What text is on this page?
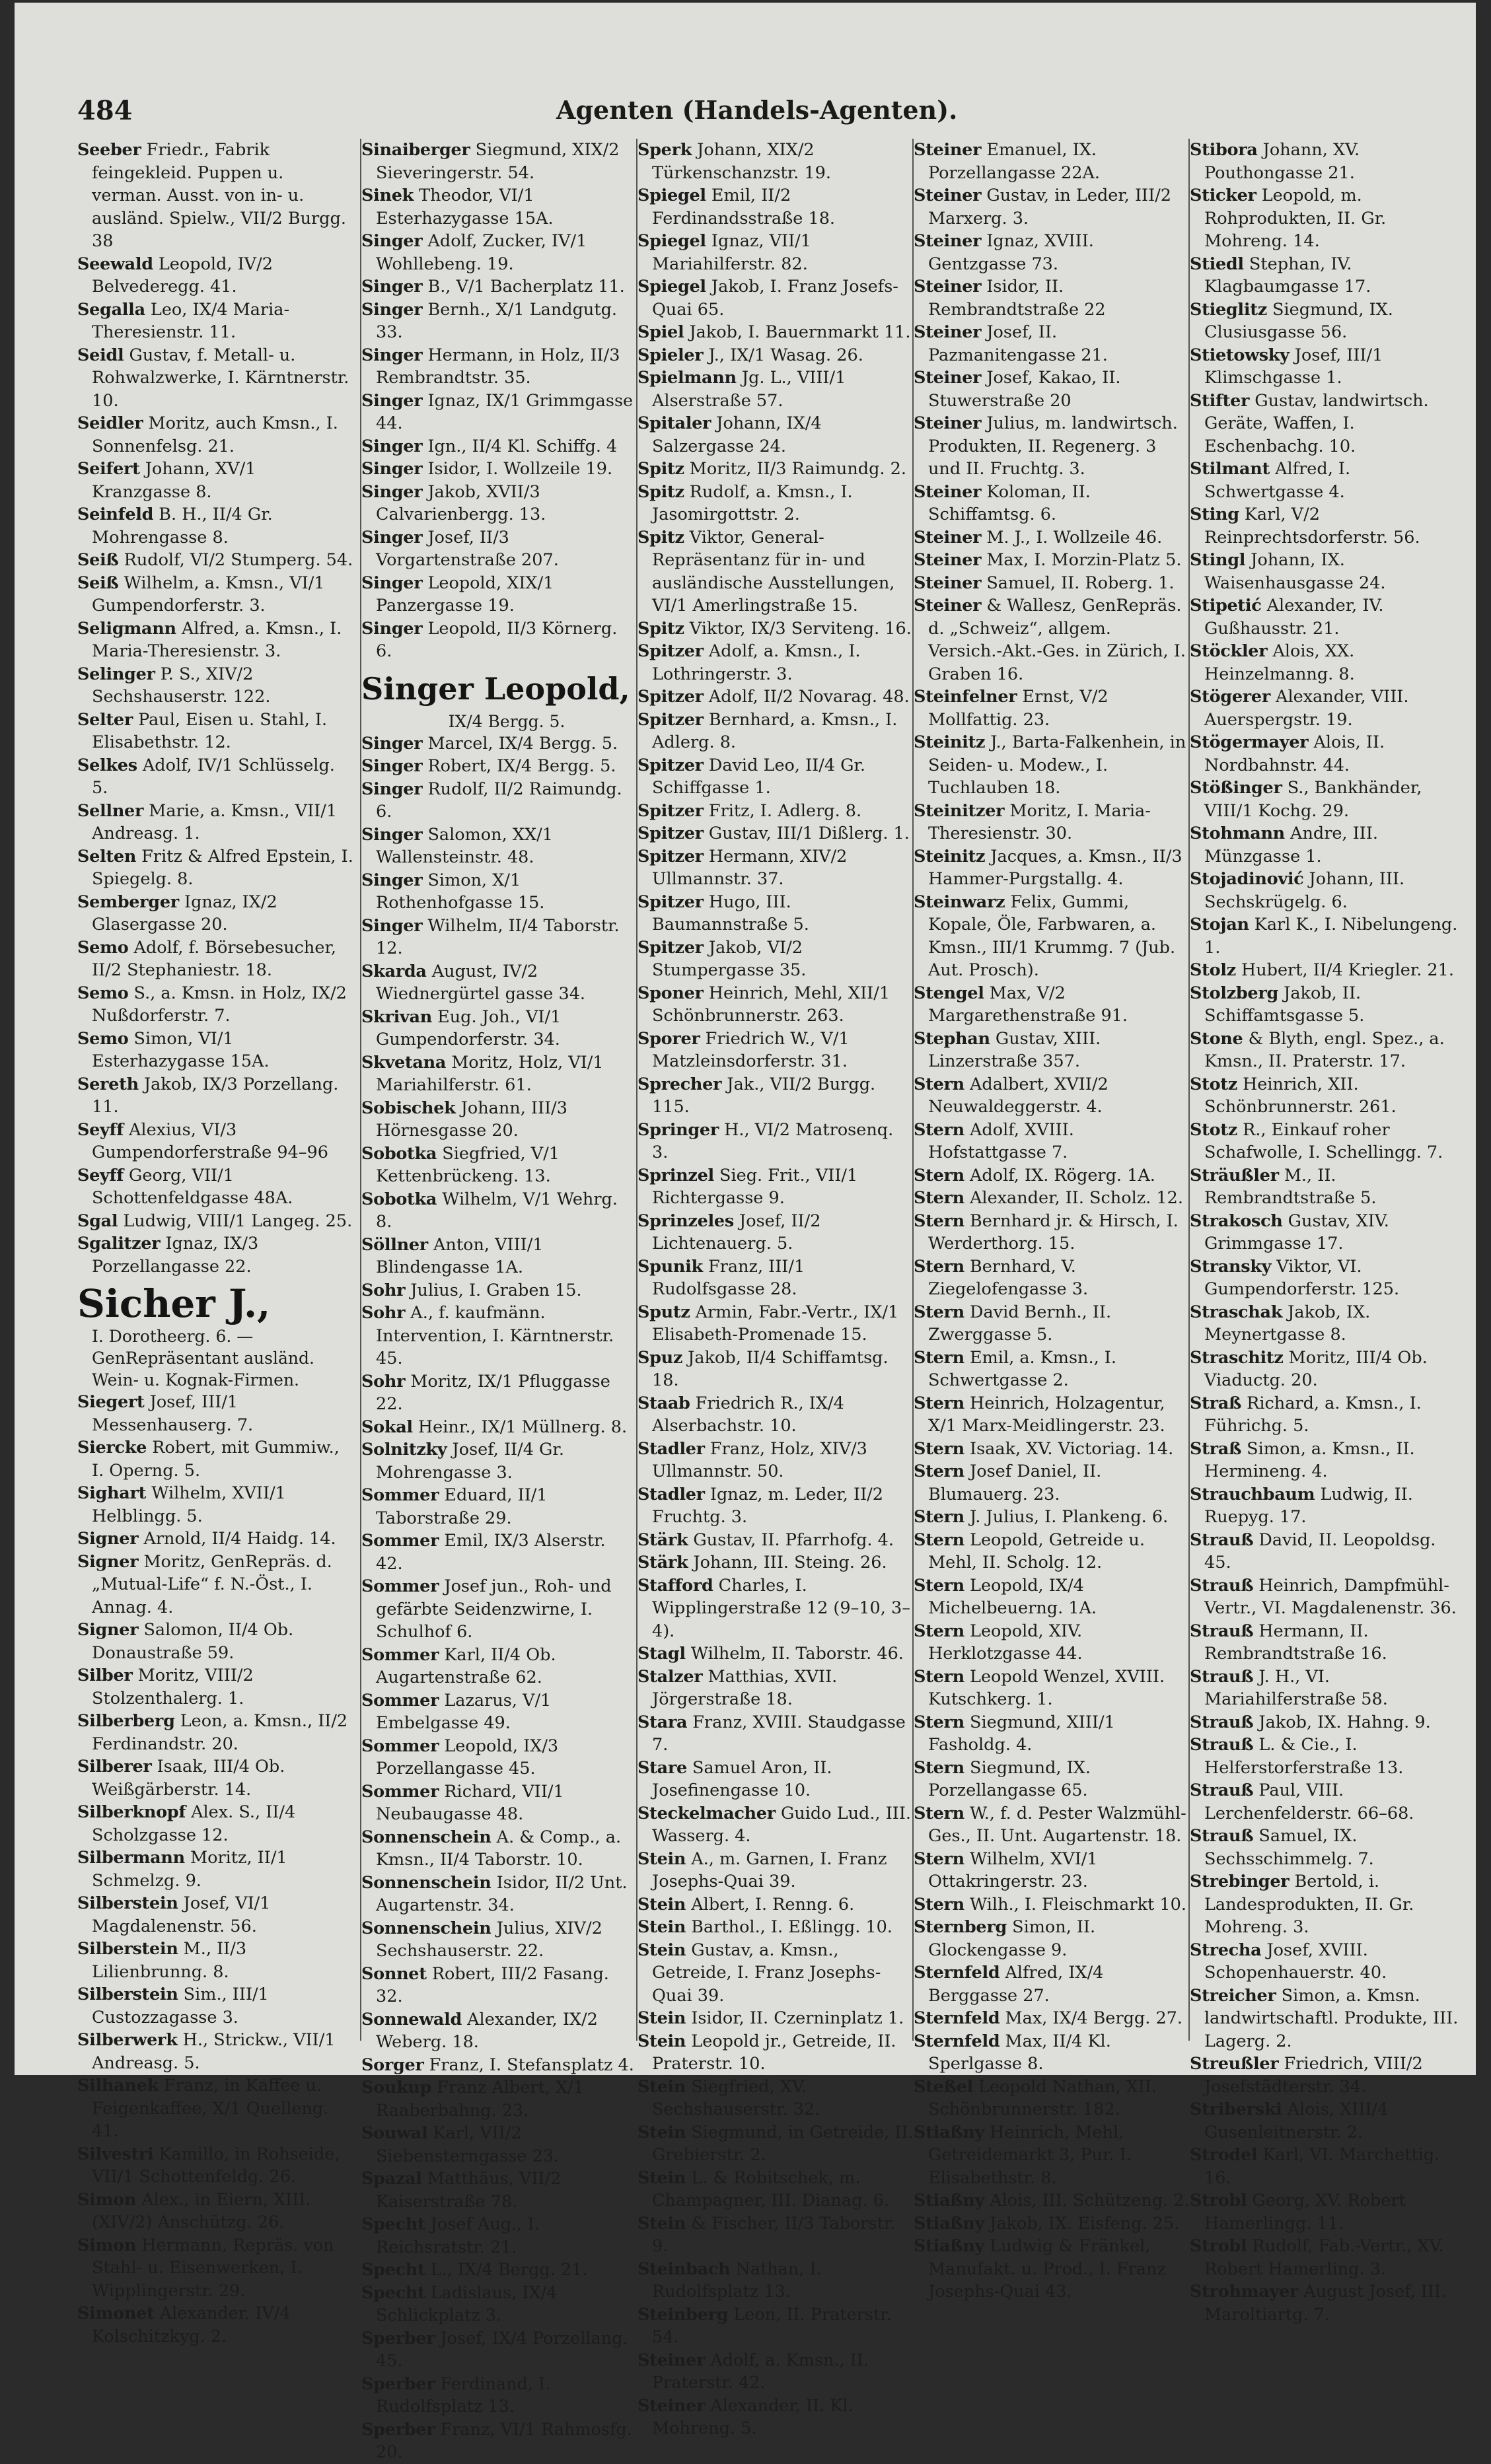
484	Agenten (Handels-Agenten).
Seeber Friedr., Fabrik feingekleid. Puppen u. verman. Ausst. von in- u. ausländ. Spielw., VII/2 Burgg. 38
Seewald Leopold, IV/2 Belvederegg. 41.
Segalla Leo, IX/4 Maria-Theresienstr. 11.
Seidl Gustav, f. Metall- u. Rohwalzwerke, I. Kärntnerstr. 10.
Seidler Moritz, auch Kmsn., I. Sonnenfelsg. 21.
Seifert Johann, XV/1 Kranzgasse 8.
Seinfeld B. H., II/4 Gr. Mohrengasse 8.
Seiß Rudolf, VI/2 Stumperg. 54.
Seiß Wilhelm, a. Kmsn., VI/1 Gumpendorferstr. 3.
Seligmann Alfred, a. Kmsn., I. Maria-Theresienstr. 3.
Selinger P. S., XIV/2 Sechshauserstr. 122.
Selter Paul, Eisen u. Stahl, I. Elisabethstr. 12.
Selkes Adolf, IV/1 Schlüsselg. 5.
Sellner Marie, a. Kmsn., VII/1 Andreasg. 1.
Selten Fritz & Alfred Epstein, I. Spiegelg. 8.
Semberger Ignaz, IX/2 Glasergasse 20.
Semo Adolf, f. Börsebesucher, II/2 Stephaniestr. 18.
Semo S., a. Kmsn. in Holz, IX/2 Nußdorferstr. 7.
Semo Simon, VI/1 Esterhazygasse 15A.
Sereth Jakob, IX/3 Porzellang. 11.
Seyff Alexius, VI/3 Gumpendorferstraße 94–96
Seyff Georg, VII/1 Schottenfeldgasse 48A.
Sgal Ludwig, VIII/1 Langeg. 25.
Sgalitzer Ignaz, IX/3 Porzellangasse 22.
Sicher J.,
I. Dorotheerg. 6. — GenRepräsentant ausländ. Wein- u. Kognak-Firmen.
Siegert Josef, III/1 Messenhauserg. 7.
Siercke Robert, mit Gummiw., I. Operng. 5.
Sighart Wilhelm, XVII/1 Helblingg. 5.
Signer Arnold, II/4 Haidg. 14.
Signer Moritz, GenRepräs. d. „Mutual-Life“ f. N.-Öst., I. Annag. 4.
Signer Salomon, II/4 Ob. Donaustraße 59.
Silber Moritz, VIII/2 Stolzenthalerg. 1.
Silberberg Leon, a. Kmsn., II/2 Ferdinandstr. 20.
Silberer Isaak, III/4 Ob. Weißgärberstr. 14.
Silberknopf Alex. S., II/4 Scholzgasse 12.
Silbermann Moritz, II/1 Schmelzg. 9.
Silberstein Josef, VI/1 Magdalenenstr. 56.
Silberstein M., II/3 Lilienbrunng. 8.
Silberstein Sim., III/1 Custozzagasse 3.
Silberwerk H., Strickw., VII/1 Andreasg. 5.
Silhanek Franz, in Kaffee u. Feigenkaffee, X/1 Quelleng. 41.
Silvestri Kamillo, in Rohseide, VII/1 Schottenfeldg. 26.
Simon Alex., in Eiern, XIII. (XIV/2) Anschützg. 26.
Simon Hermann, Repräs. von Stahl- u. Eisenwerken, I. Wipplingerstr. 29.
Simonet Alexander, IV/4 Kolschitzkyg. 2.
Sinaiberger Siegmund, XIX/2 Sieveringerstr. 54.
Sinek Theodor, VI/1 Esterhazygasse 15A.
Singer Adolf, Zucker, IV/1 Wohllebeng. 19.
Singer B., V/1 Bacherplatz 11.
Singer Bernh., X/1 Landgutg. 33.
Singer Hermann, in Holz, II/3 Rembrandtstr. 35.
Singer Ignaz, IX/1 Grimmgasse 44.
Singer Ign., II/4 Kl. Schiffg. 4
Singer Isidor, I. Wollzeile 19.
Singer Jakob, XVII/3 Calvarienbergg. 13.
Singer Josef, II/3 Vorgartenstraße 207.
Singer Leopold, XIX/1 Panzergasse 19.
Singer Leopold, II/3 Körnerg. 6.
Singer Leopold,
IX/4 Bergg. 5.
Singer Marcel, IX/4 Bergg. 5.
Singer Robert, IX/4 Bergg. 5.
Singer Rudolf, II/2 Raimundg. 6.
Singer Salomon, XX/1 Wallensteinstr. 48.
Singer Simon, X/1 Rothenhofgasse 15.
Singer Wilhelm, II/4 Taborstr. 12.
Skarda August, IV/2 Wiednergürtel gasse 34.
Skrivan Eug. Joh., VI/1 Gumpendorferstr. 34.
Skvetana Moritz, Holz, VI/1 Mariahilferstr. 61.
Sobischek Johann, III/3 Hörnesgasse 20.
Sobotka Siegfried, V/1 Kettenbrückeng. 13.
Sobotka Wilhelm, V/1 Wehrg. 8.
Söllner Anton, VIII/1 Blindengasse 1A.
Sohr Julius, I. Graben 15.
Sohr A., f. kaufmänn. Intervention, I. Kärntnerstr. 45.
Sohr Moritz, IX/1 Pfluggasse 22.
Sokal Heinr., IX/1 Müllnerg. 8.
Solnitzky Josef, II/4 Gr. Mohrengasse 3.
Sommer Eduard, II/1 Taborstraße 29.
Sommer Emil, IX/3 Alserstr. 42.
Sommer Josef jun., Roh- und gefärbte Seidenzwirne, I. Schulhof 6.
Sommer Karl, II/4 Ob. Augartenstraße 62.
Sommer Lazarus, V/1 Embelgasse 49.
Sommer Leopold, IX/3 Porzellangasse 45.
Sommer Richard, VII/1 Neubaugasse 48.
Sonnenschein A. & Comp., a. Kmsn., II/4 Taborstr. 10.
Sonnenschein Isidor, II/2 Unt. Augartenstr. 34.
Sonnenschein Julius, XIV/2 Sechshauserstr. 22.
Sonnet Robert, III/2 Fasang. 32.
Sonnewald Alexander, IX/2 Weberg. 18.
Sorger Franz, I. Stefansplatz 4.
Soukup Franz Albert, X/1 Raaberbahng. 23.
Souwal Karl, VII/2 Siebensterngasse 23.
Spazal Matthäus, VII/2 Kaiserstraße 78.
Specht Josef Aug., I. Reichsratstr. 21.
Specht L., IX/4 Bergg. 21.
Specht Ladislaus, IX/4 Schlickplatz 3.
Sperber Josef, IX/4 Porzellang. 45.
Sperber Ferdinand, I. Rudolfsplatz 13.
Sperber Franz, VI/1 Rahmosfg. 20.
Sperk Johann, XIX/2 Türkenschanzstr. 19.
Spiegel Emil, II/2 Ferdinandsstraße 18.
Spiegel Ignaz, VII/1 Mariahilferstr. 82.
Spiegel Jakob, I. Franz Josefs-Quai 65.
Spiel Jakob, I. Bauernmarkt 11.
Spieler J., IX/1 Wasag. 26.
Spielmann Jg. L., VIII/1 Alserstraße 57.
Spitaler Johann, IX/4 Salzergasse 24.
Spitz Moritz, II/3 Raimundg. 2.
Spitz Rudolf, a. Kmsn., I. Jasomirgottstr. 2.
Spitz Viktor, General-Repräsentanz für in- und ausländische Ausstellungen, VI/1 Amerlingstraße 15.
Spitz Viktor, IX/3 Serviteng. 16.
Spitzer Adolf, a. Kmsn., I. Lothringerstr. 3.
Spitzer Adolf, II/2 Novarag. 48.
Spitzer Bernhard, a. Kmsn., I. Adlerg. 8.
Spitzer David Leo, II/4 Gr. Schiffgasse 1.
Spitzer Fritz, I. Adlerg. 8.
Spitzer Gustav, III/1 Dißlerg. 1.
Spitzer Hermann, XIV/2 Ullmannstr. 37.
Spitzer Hugo, III. Baumannstraße 5.
Spitzer Jakob, VI/2 Stumpergasse 35.
Sponer Heinrich, Mehl, XII/1 Schönbrunnerstr. 263.
Sporer Friedrich W., V/1 Matzleinsdorferstr. 31.
Sprecher Jak., VII/2 Burgg. 115.
Springer H., VI/2 Matrosenq. 3.
Sprinzel Sieg. Frit., VII/1 Richtergasse 9.
Sprinzeles Josef, II/2 Lichtenauerg. 5.
Spunik Franz, III/1 Rudolfsgasse 28.
Sputz Armin, Fabr.-Vertr., IX/1 Elisabeth-Promenade 15.
Spuz Jakob, II/4 Schiffamtsg. 18.
Staab Friedrich R., IX/4 Alserbachstr. 10.
Stadler Franz, Holz, XIV/3 Ullmannstr. 50.
Stadler Ignaz, m. Leder, II/2 Fruchtg. 3.
Stärk Gustav, II. Pfarrhofg. 4.
Stärk Johann, III. Steing. 26.
Stafford Charles, I. Wipplingerstraße 12 (9–10, 3–4).
Stagl Wilhelm, II. Taborstr. 46.
Stalzer Matthias, XVII. Jörgerstraße 18.
Stara Franz, XVIII. Staudgasse 7.
Stare Samuel Aron, II. Josefinengasse 10.
Steckelmacher Guido Lud., III. Wasserg. 4.
Stein A., m. Garnen, I. Franz Josephs-Quai 39.
Stein Albert, I. Renng. 6.
Stein Barthol., I. Eßlingg. 10.
Stein Gustav, a. Kmsn., Getreide, I. Franz Josephs-Quai 39.
Stein Isidor, II. Czerninplatz 1.
Stein Leopold jr., Getreide, II. Praterstr. 10.
Stein Siegfried, XV. Sechshauserstr. 32.
Stein Siegmund, in Getreide, II. Grebierstr. 2.
Stein L. & Robitschek, m. Champagner, III. Dianag. 6.
Stein & Fischer, II/3 Taborstr. 9.
Steinbach Nathan, I. Rudolfsplatz 13.
Steinberg Leon, II. Praterstr. 54.
Steiner Adolf, a. Kmsn., II. Praterstr. 42.
Steiner Alexander, II. Kl. Mohreng. 5.
Steiner Emanuel, IX. Porzellangasse 22A.
Steiner Gustav, in Leder, III/2 Marxerg. 3.
Steiner Ignaz, XVIII. Gentzgasse 73.
Steiner Isidor, II. Rembrandtstraße 22
Steiner Josef, II. Pazmanitengasse 21.
Steiner Josef, Kakao, II. Stuwerstraße 20
Steiner Julius, m. landwirtsch. Produkten, II. Regenerg. 3 und II. Fruchtg. 3.
Steiner Koloman, II. Schiffamtsg. 6.
Steiner M. J., I. Wollzeile 46.
Steiner Max, I. Morzin-Platz 5.
Steiner Samuel, II. Roberg. 1.
Steiner & Wallesz, GenRepräs. d. „Schweiz“, allgem. Versich.-Akt.-Ges. in Zürich, I. Graben 16.
Steinfelner Ernst, V/2 Mollfattig. 23.
Steinitz J., Barta-Falkenhein, in Seiden- u. Modew., I. Tuchlauben 18.
Steinitzer Moritz, I. Maria-Theresienstr. 30.
Steinitz Jacques, a. Kmsn., II/3 Hammer-Purgstallg. 4.
Steinwarz Felix, Gummi, Kopale, Öle, Farbwaren, a. Kmsn., III/1 Krummg. 7 (Jub. Aut. Prosch).
Stengel Max, V/2 Margarethenstraße 91.
Stephan Gustav, XIII. Linzerstraße 357.
Stern Adalbert, XVII/2 Neuwaldeggerstr. 4.
Stern Adolf, XVIII. Hofstattgasse 7.
Stern Adolf, IX. Rögerg. 1A.
Stern Alexander, II. Scholz. 12.
Stern Bernhard jr. & Hirsch, I. Werderthorg. 15.
Stern Bernhard, V. Ziegelofengasse 3.
Stern David Bernh., II. Zwerggasse 5.
Stern Emil, a. Kmsn., I. Schwertgasse 2.
Stern Heinrich, Holzagentur, X/1 Marx-Meidlingerstr. 23.
Stern Isaak, XV. Victoriag. 14.
Stern Josef Daniel, II. Blumauerg. 23.
Stern J. Julius, I. Plankeng. 6.
Stern Leopold, Getreide u. Mehl, II. Scholg. 12.
Stern Leopold, IX/4 Michelbeuerng. 1A.
Stern Leopold, XIV. Herklotzgasse 44.
Stern Leopold Wenzel, XVIII. Kutschkerg. 1.
Stern Siegmund, XIII/1 Fasholdg. 4.
Stern Siegmund, IX. Porzellangasse 65.
Stern W., f. d. Pester Walzmühl-Ges., II. Unt. Augartenstr. 18.
Stern Wilhelm, XVI/1 Ottakringerstr. 23.
Stern Wilh., I. Fleischmarkt 10.
Sternberg Simon, II. Glockengasse 9.
Sternfeld Alfred, IX/4 Berggasse 27.
Sternfeld Max, IX/4 Bergg. 27.
Sternfeld Max, II/4 Kl. Sperlgasse 8.
Steßel Leopold Nathan, XII. Schönbrunnerstr. 182.
Stiaßny Heinrich, Mehl, Getreidemarkt 3, Pur. I. Elisabethstr. 8.
Stiaßny Alois, III. Schützeng. 2.
Stiaßny Jakob, IX. Eisfeng. 25.
Stiaßny Ludwig & Fränkel, Manufakt. u. Prod., I. Franz Josephs-Quai 43.
Stibora Johann, XV. Pouthongasse 21.
Sticker Leopold, m. Rohprodukten, II. Gr. Mohreng. 14.
Stiedl Stephan, IV. Klagbaumgasse 17.
Stieglitz Siegmund, IX. Clusiusgasse 56.
Stietowsky Josef, III/1 Klimschgasse 1.
Stifter Gustav, landwirtsch. Geräte, Waffen, I. Eschenbachg. 10.
Stilmant Alfred, I. Schwertgasse 4.
Sting Karl, V/2 Reinprechtsdorferstr. 56.
Stingl Johann, IX. Waisenhausgasse 24.
Stipetić Alexander, IV. Gußhausstr. 21.
Stöckler Alois, XX. Heinzelmanng. 8.
Stögerer Alexander, VIII. Auerspergstr. 19.
Stögermayer Alois, II. Nordbahnstr. 44.
Stößinger S., Bankhänder, VIII/1 Kochg. 29.
Stohmann Andre, III. Münzgasse 1.
Stojadinović Johann, III. Sechskrügelg. 6.
Stojan Karl K., I. Nibelungeng. 1.
Stolz Hubert, II/4 Kriegler. 21.
Stolzberg Jakob, II. Schiffamtsgasse 5.
Stone & Blyth, engl. Spez., a. Kmsn., II. Praterstr. 17.
Stotz Heinrich, XII. Schönbrunnerstr. 261.
Stotz R., Einkauf roher Schafwolle, I. Schellingg. 7.
Sträußler M., II. Rembrandtstraße 5.
Strakosch Gustav, XIV. Grimmgasse 17.
Stransky Viktor, VI. Gumpendorferstr. 125.
Straschak Jakob, IX. Meynertgasse 8.
Straschitz Moritz, III/4 Ob. Viaductg. 20.
Straß Richard, a. Kmsn., I. Führichg. 5.
Straß Simon, a. Kmsn., II. Hermineng. 4.
Strauchbaum Ludwig, II. Ruepyg. 17.
Strauß David, II. Leopoldsg. 45.
Strauß Heinrich, Dampfmühl-Vertr., VI. Magdalenenstr. 36.
Strauß Hermann, II. Rembrandtstraße 16.
Strauß J. H., VI. Mariahilferstraße 58.
Strauß Jakob, IX. Hahng. 9.
Strauß L. & Cie., I. Helferstorferstraße 13.
Strauß Paul, VIII. Lerchenfelderstr. 66–68.
Strauß Samuel, IX. Sechsschimmelg. 7.
Strebinger Bertold, i. Landesprodukten, II. Gr. Mohreng. 3.
Strecha Josef, XVIII. Schopenhauerstr. 40.
Streicher Simon, a. Kmsn. landwirtschaftl. Produkte, III. Lagerg. 2.
Streußler Friedrich, VIII/2 Josefstädterstr. 34.
Striberski Alois, XIII/4 Gusenleitnerstr. 2.
Strodel Karl, VI. Marchettig. 16.
Strobl Georg, XV. Robert Hamerlingg. 11.
Strobl Rudolf, Fab.-Vertr., XV. Robert Hamerling. 3.
Strohmayer August Josef, III. Maroltiartg. 7.
